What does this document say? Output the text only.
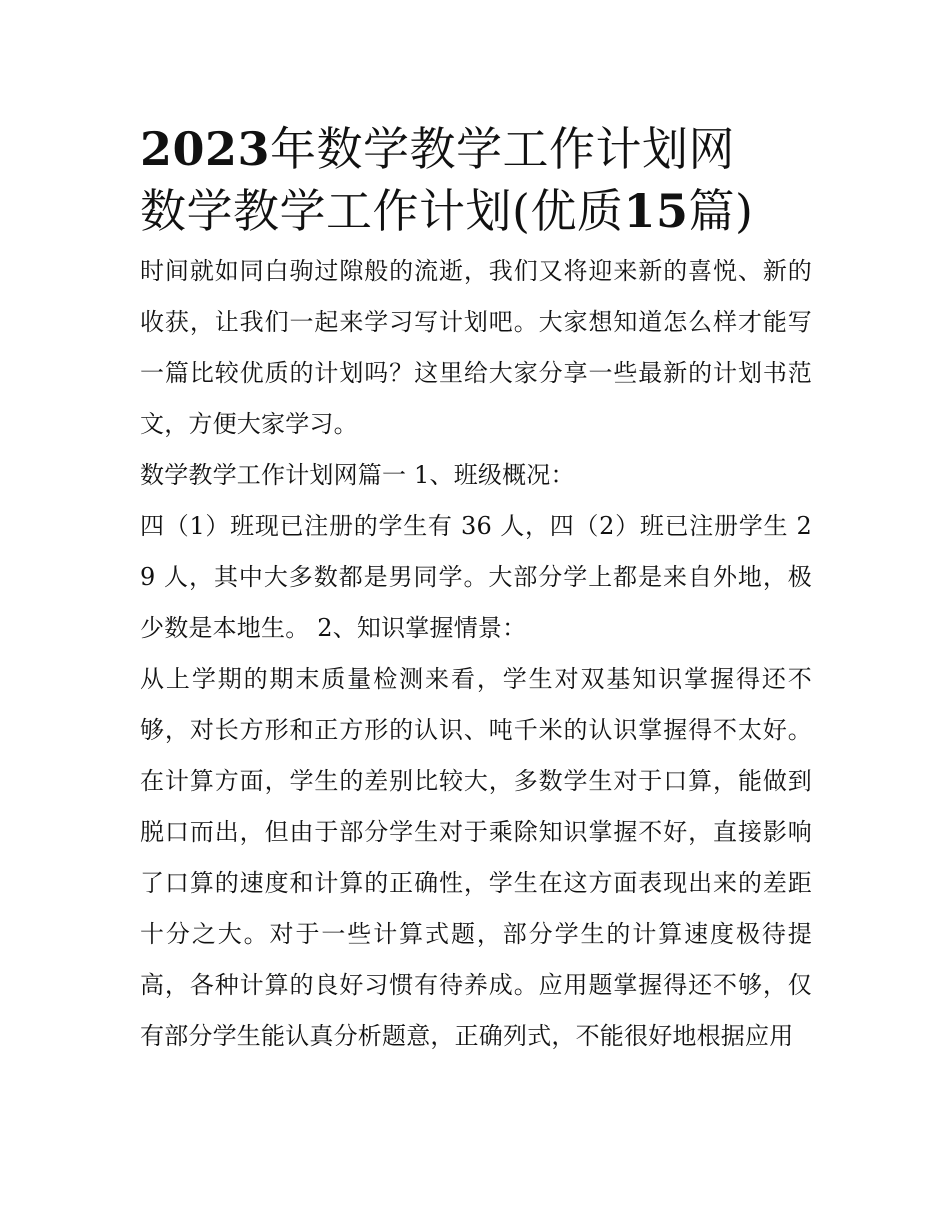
2023年数学教学工作计划网
数学教学工作计划(优质15篇)

时间就如同白驹过隙般的流逝，我们又将迎来新的喜悦、新的收获，让我们一起来学习写计划吧。大家想知道怎么样才能写一篇比较优质的计划吗？这里给大家分享一些最新的计划书范文，方便大家学习。

数学教学工作计划网篇一 1、班级概况：

四（1）班现已注册的学生有 36 人，四（2）班已注册学生 29 人，其中大多数都是男同学。大部分学上都是来自外地，极少数是本地生。 2、知识掌握情景：

从上学期的期末质量检测来看，学生对双基知识掌握得还不够，对长方形和正方形的认识、吨千米的认识掌握得不太好。在计算方面，学生的差别比较大，多数学生对于口算，能做到脱口而出，但由于部分学生对于乘除知识掌握不好，直接影响了口算的速度和计算的正确性，学生在这方面表现出来的差距十分之大。对于一些计算式题，部分学生的计算速度极待提高，各种计算的良好习惯有待养成。应用题掌握得还不够，仅有部分学生能认真分析题意，正确列式，不能很好地根据应用
